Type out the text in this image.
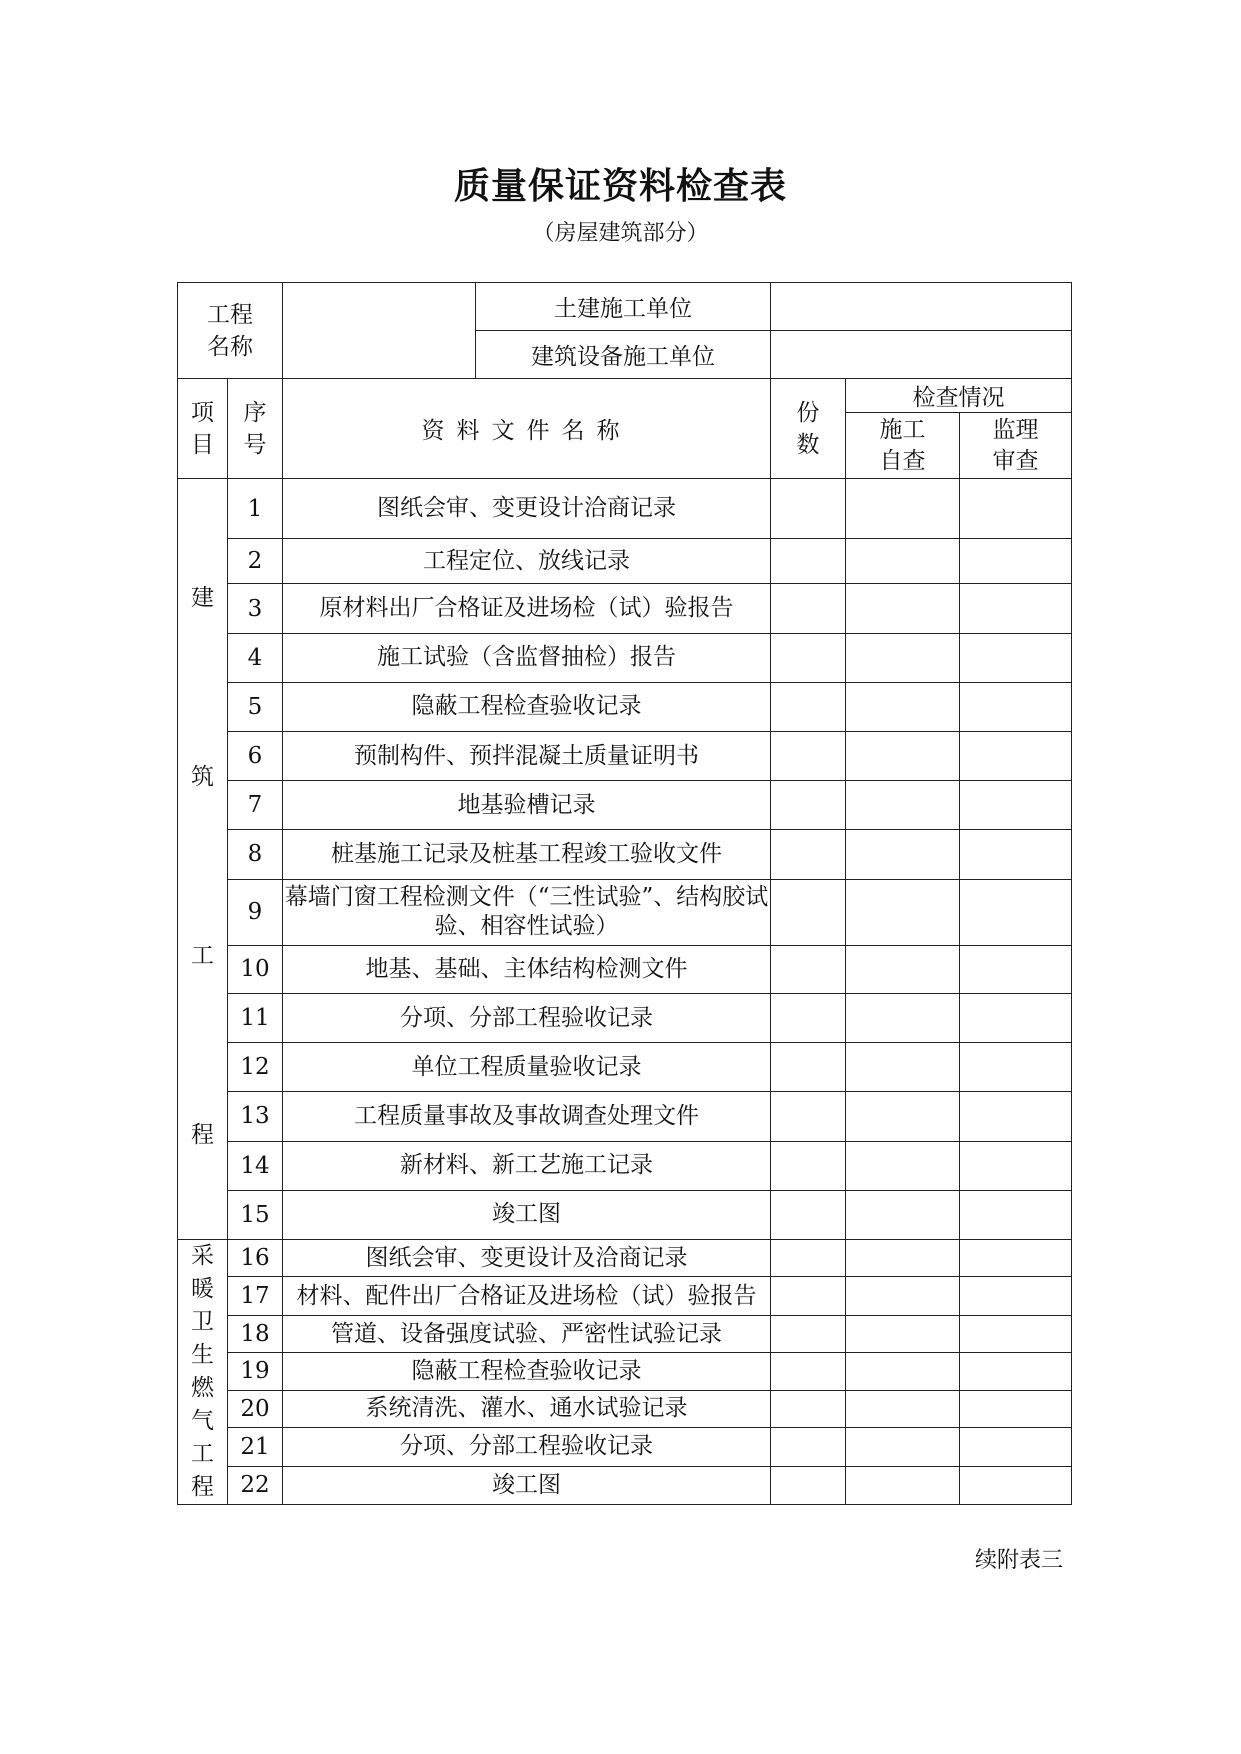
质量保证资料检查表
（房屋建筑部分）
工程名称			土建施工单位			
			建筑设备施工单位			
项目	序号	资料文件名称		份数	检查情况	
					施工自查	监理审查

建
筑
工
程	1	图纸会审、变更设计洽商记录				
	2	工程定位、放线记录				
	3	原材料出厂合格证及进场检（试）验报告				
	4	施工试验（含监督抽检）报告				
	5	隐蔽工程检查验收记录				
	6	预制构件、预拌混凝土质量证明书				
	7	地基验槽记录				
	8	桩基施工记录及桩基工程竣工验收文件				
	9	幕墙门窗工程检测文件（“三性试验”、结构胶试验、相容性试验）				
	10	地基、基础、主体结构检测文件				
	11	分项、分部工程验收记录				
	12	单位工程质量验收记录				
	13	工程质量事故及事故调查处理文件				
	14	新材料、新工艺施工记录				
	15	竣工图				
采暖卫生燃气工程	16	图纸会审、变更设计及洽商记录				
	17	材料、配件出厂合格证及进场检（试）验报告				
	18	管道、设备强度试验、严密性试验记录				
	19	隐蔽工程检查验收记录				
	20	系统清洗、灌水、通水试验记录				
	21	分项、分部工程验收记录				
	22	竣工图				
续附表三
